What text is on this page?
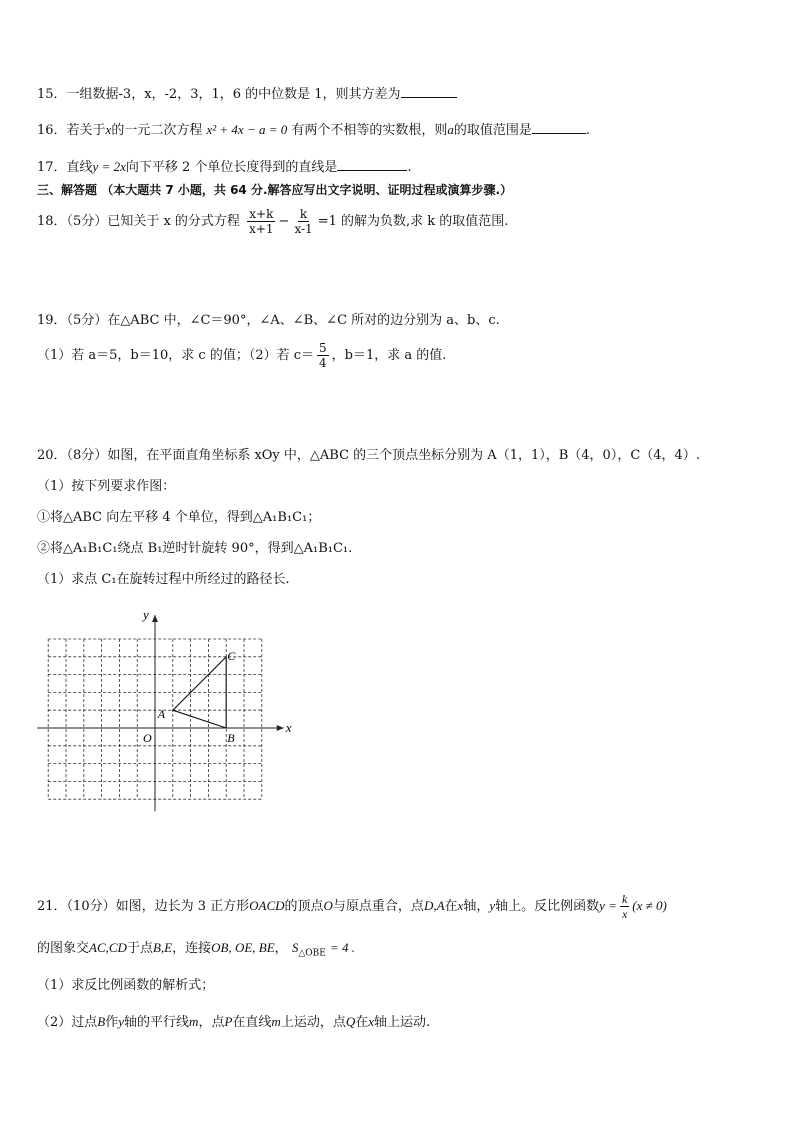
15．一组数据-3，x，-2，3，1，6 的中位数是 1，则其方差为
16．若关于x的一元二次方程 x² + 4x − a = 0 有两个不相等的实数根，则a的取值范围是	.
17．直线y = 2x向下平移 2 个单位长度得到的直线是	.
三、解答题 （本大题共 7 小题，共 64 分.解答应写出文字说明、证明过程或演算步骤.）
18．（5分）已知关于 x 的分式方程 $\frac{x+k}{x+1} - \frac{k}{x-1} =1$ 的解为负数,求 k 的取值范围.
19．（5分）在△ABC 中，∠C＝90°，∠A、∠B、∠C 所对的边分别为 a、b、c.
（1）若 a＝5，b＝10，求 c 的值；（2）若 $c= \frac{5}{4}$ ，b＝1，求 a 的值.
20．（8分）如图，在平面直角坐标系 xOy 中，△ABC 的三个顶点坐标分别为 A（1，1），B（4，0），C（4，4）.
（1）按下列要求作图：
①将△ABC 向左平移 4 个单位，得到△A₁B₁C₁；
②将△A₁B₁C₁绕点 B₁逆时针旋转 90°，得到△A₁B₁C₁.
（1）求点 C₁在旋转过程中所经过的路径长.
x
y
O
A
B
C
21．（10分）如图，边长为 3 正方形OACD的顶点O与原点重合，点D,A在x轴，y轴上。反比例函数$y = \frac{k}{x} (x \ne 0)$
的图象交AC,CD于点B,E，连接OB, OE, BE， $S_{\triangle OBE} = 4$ .
（1）求反比例函数的解析式；
（2）过点B作y轴的平行线m，点P在直线m上运动，点Q在x轴上运动.
